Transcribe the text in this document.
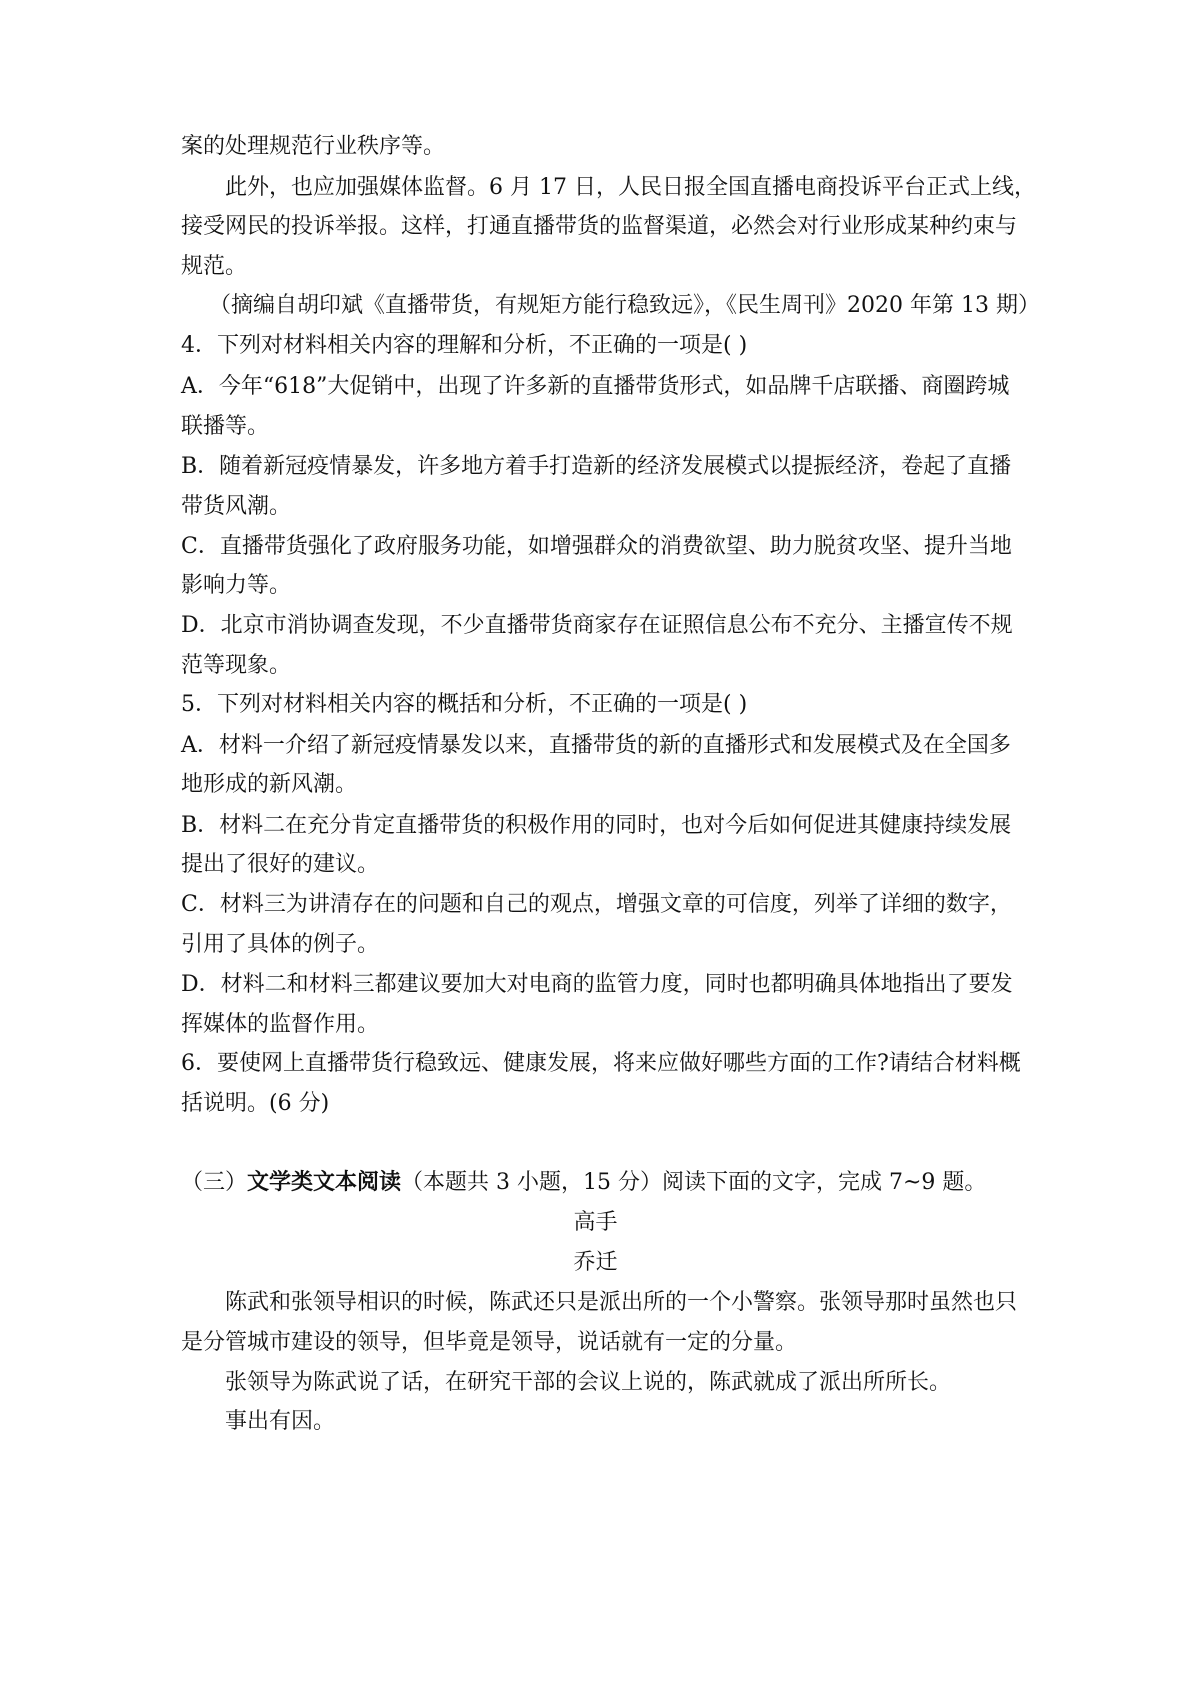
案的处理规范行业秩序等。
此外，也应加强媒体监督。6 月 17 日，人民日报全国直播电商投诉平台正式上线，
接受网民的投诉举报。这样，打通直播带货的监督渠道，必然会对行业形成某种约束与
规范。
（摘编自胡印斌《直播带货，有规矩方能行稳致远》，《民生周刊》2020 年第 13 期）
4．下列对材料相关内容的理解和分析，不正确的一项是( )
A．今年“618”大促销中，出现了许多新的直播带货形式，如品牌千店联播、商圈跨城
联播等。
B．随着新冠疫情暴发，许多地方着手打造新的经济发展模式以提振经济，卷起了直播
带货风潮。
C．直播带货强化了政府服务功能，如增强群众的消费欲望、助力脱贫攻坚、提升当地
影响力等。
D．北京市消协调查发现，不少直播带货商家存在证照信息公布不充分、主播宣传不规
范等现象。
5．下列对材料相关内容的概括和分析，不正确的一项是( )
A．材料一介绍了新冠疫情暴发以来，直播带货的新的直播形式和发展模式及在全国多
地形成的新风潮。
B．材料二在充分肯定直播带货的积极作用的同时，也对今后如何促进其健康持续发展
提出了很好的建议。
C．材料三为讲清存在的问题和自己的观点，增强文章的可信度，列举了详细的数字，
引用了具体的例子。
D．材料二和材料三都建议要加大对电商的监管力度，同时也都明确具体地指出了要发
挥媒体的监督作用。
6．要使网上直播带货行稳致远、健康发展，将来应做好哪些方面的工作?请结合材料概
括说明。(6 分)
（三）文学类文本阅读（本题共 3 小题，15 分）阅读下面的文字，完成 7~9 题。
高手
乔迁
陈武和张领导相识的时候，陈武还只是派出所的一个小警察。张领导那时虽然也只
是分管城市建设的领导，但毕竟是领导，说话就有一定的分量。
张领导为陈武说了话，在研究干部的会议上说的，陈武就成了派出所所长。
事出有因。
